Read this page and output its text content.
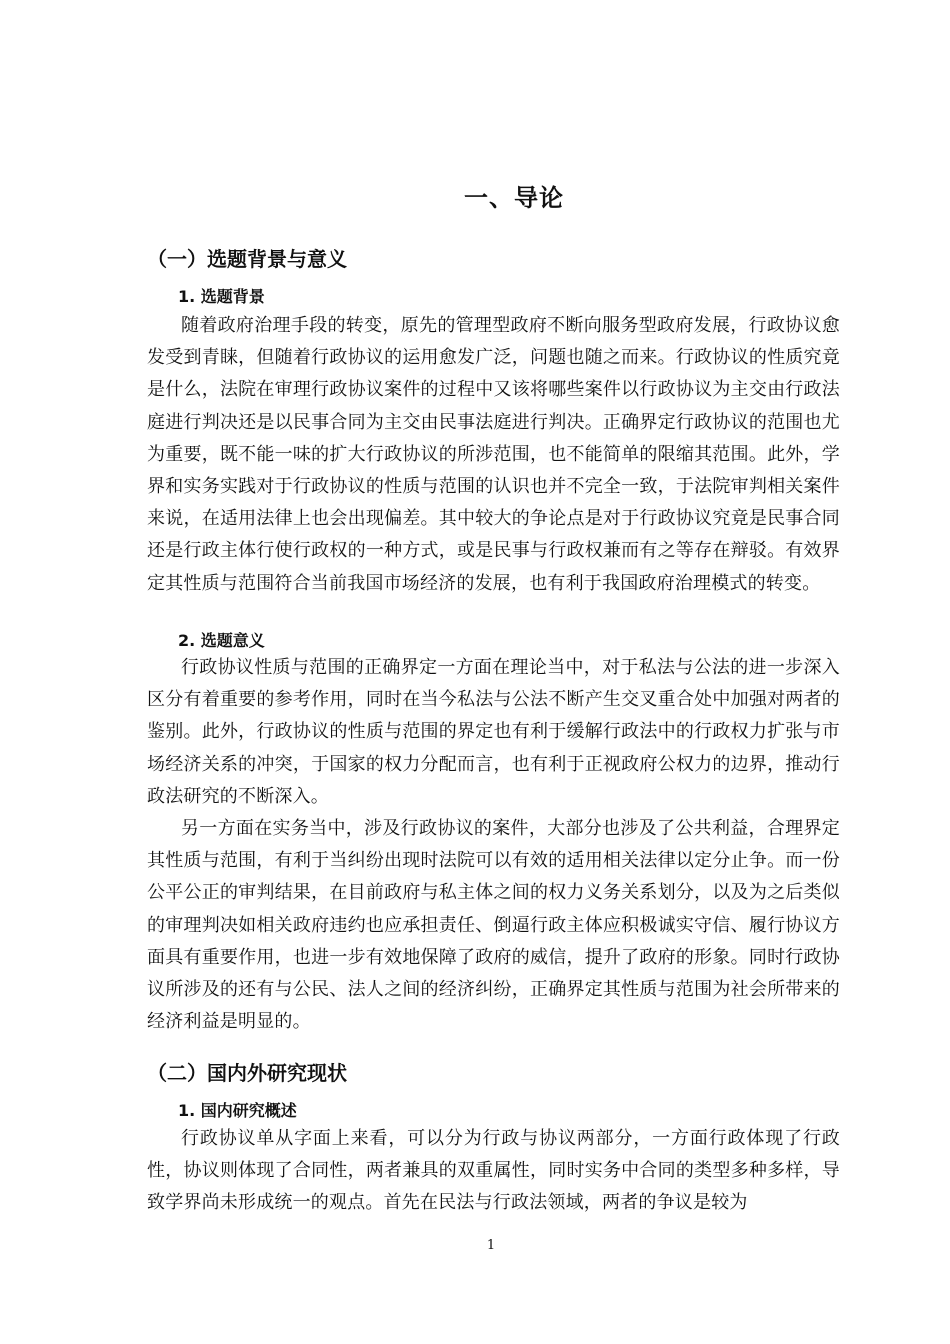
一、导论
（一）选题背景与意义
1. 选题背景

随着政府治理手段的转变，原先的管理型政府不断向服务型政府发展，行政协议愈发受到青睐，但随着行政协议的运用愈发广泛，问题也随之而来。行政协议的性质究竟是什么，法院在审理行政协议案件的过程中又该将哪些案件以行政协议为主交由行政法庭进行判决还是以民事合同为主交由民事法庭进行判决。正确界定行政协议的范围也尤为重要，既不能一味的扩大行政协议的所涉范围，也不能简单的限缩其范围。此外，学界和实务实践对于行政协议的性质与范围的认识也并不完全一致，于法院审判相关案件来说，在适用法律上也会出现偏差。其中较大的争论点是对于行政协议究竟是民事合同还是行政主体行使行政权的一种方式，或是民事与行政权兼而有之等存在辩驳。有效界定其性质与范围符合当前我国市场经济的发展，也有利于我国政府治理模式的转变。

2. 选题意义

行政协议性质与范围的正确界定一方面在理论当中，对于私法与公法的进一步深入区分有着重要的参考作用，同时在当今私法与公法不断产生交叉重合处中加强对两者的鉴别。此外，行政协议的性质与范围的界定也有利于缓解行政法中的行政权力扩张与市场经济关系的冲突，于国家的权力分配而言，也有利于正视政府公权力的边界，推动行政法研究的不断深入。

另一方面在实务当中，涉及行政协议的案件，大部分也涉及了公共利益，合理界定其性质与范围，有利于当纠纷出现时法院可以有效的适用相关法律以定分止争。而一份公平公正的审判结果，在目前政府与私主体之间的权力义务关系划分，以及为之后类似的审理判决如相关政府违约也应承担责任、倒逼行政主体应积极诚实守信、履行协议方面具有重要作用，也进一步有效地保障了政府的威信，提升了政府的形象。同时行政协议所涉及的还有与公民、法人之间的经济纠纷，正确界定其性质与范围为社会所带来的经济利益是明显的。

（二）国内外研究现状
1. 国内研究概述

行政协议单从字面上来看，可以分为行政与协议两部分，一方面行政体现了行政性，协议则体现了合同性，两者兼具的双重属性，同时实务中合同的类型多种多样，导致学界尚未形成统一的观点。首先在民法与行政法领域，两者的争议是较为

1
